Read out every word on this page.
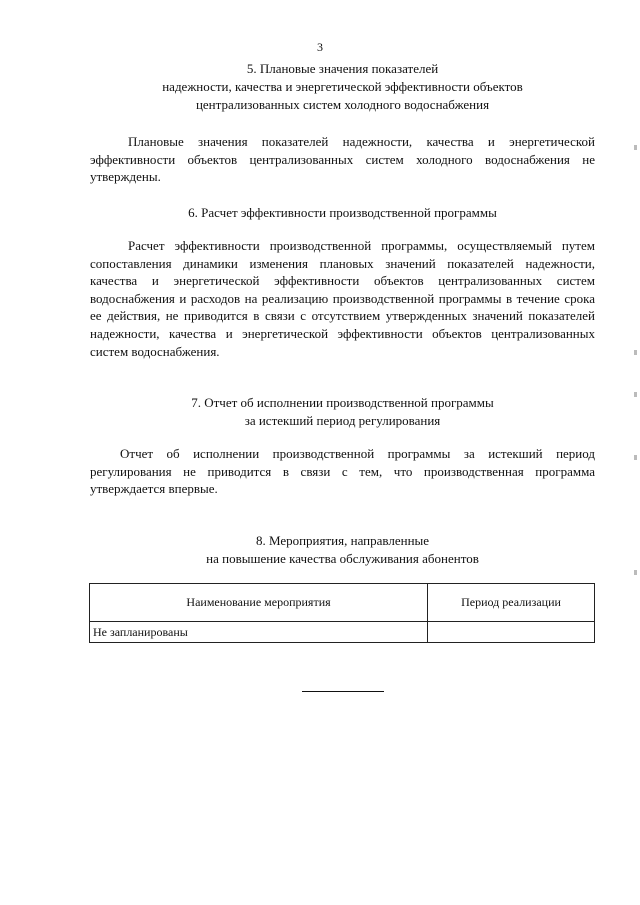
3
5. Плановые значения показателей
надежности, качества и энергетической эффективности объектов
централизованных систем холодного водоснабжения
Плановые значения показателей надежности, качества и энергетической эффективности объектов централизованных систем холодного водоснабжения не утверждены.
6. Расчет эффективности производственной программы
Расчет эффективности производственной программы, осуществляемый путем сопоставления динамики изменения плановых значений показателей надежности, качества и энергетической эффективности объектов централизованных систем водоснабжения и расходов на реализацию производственной программы в течение срока ее действия, не приводится в связи с отсутствием утвержденных значений показателей надежности, качества и энергетической эффективности объектов централизованных систем водоснабжения.
7. Отчет об исполнении производственной программы
за истекший период регулирования
Отчет об исполнении производственной программы за истекший период регулирования не приводится в связи с тем, что производственная программа утверждается впервые.
8. Мероприятия, направленные
на повышение качества обслуживания абонентов
Наименование мероприятия	Период реализации
Не запланированы	
